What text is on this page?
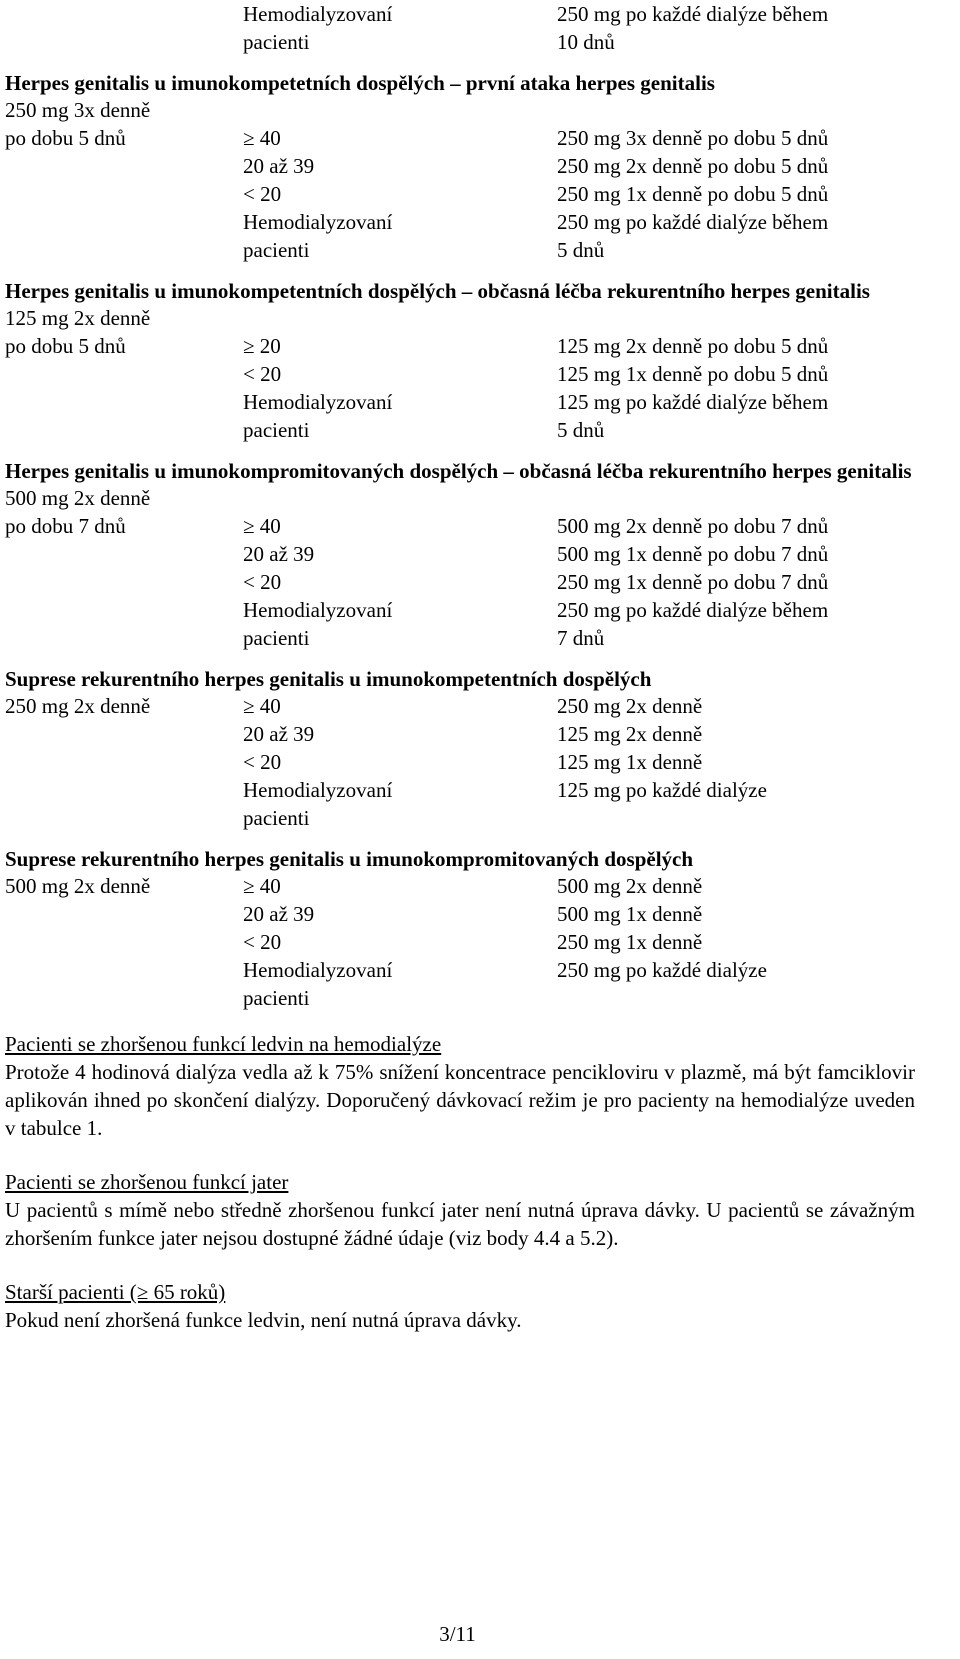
Hemodialyzovaní	250 mg po každé dialýze během
pacienti	10 dnů
Herpes genitalis u imunokompetetních dospělých – první ataka herpes genitalis
250 mg 3x denně
po dobu 5 dnů	≥ 40	250 mg 3x denně po dobu 5 dnů
20 až 39	250 mg 2x denně po dobu 5 dnů
< 20	250 mg 1x denně po dobu 5 dnů
Hemodialyzovaní	250 mg po každé dialýze během
pacienti	5 dnů
Herpes genitalis u imunokompetentních dospělých – občasná léčba rekurentního herpes genitalis
125 mg 2x denně
po dobu 5 dnů	≥ 20	125 mg 2x denně po dobu 5 dnů
< 20	125 mg 1x denně po dobu 5 dnů
Hemodialyzovaní	125 mg po každé dialýze během
pacienti	5 dnů
Herpes genitalis u imunokompromitovaných dospělých – občasná léčba rekurentního herpes genitalis
500 mg 2x denně
po dobu 7 dnů	≥ 40	500 mg 2x denně po dobu 7 dnů
20 až 39	500 mg 1x denně po dobu 7 dnů
< 20	250 mg 1x denně po dobu 7 dnů
Hemodialyzovaní	250 mg po každé dialýze během
pacienti	7 dnů
Suprese rekurentního herpes genitalis u imunokompetentních dospělých
250 mg 2x denně	≥ 40	250 mg 2x denně
20 až 39	125 mg 2x denně
< 20	125 mg 1x denně
Hemodialyzovaní	125 mg po každé dialýze
pacienti
Suprese rekurentního herpes genitalis u imunokompromitovaných dospělých
500 mg 2x denně	≥ 40	500 mg 2x denně
20 až 39	500 mg 1x denně
< 20	250 mg 1x denně
Hemodialyzovaní	250 mg po každé dialýze
pacienti
Pacienti se zhoršenou funkcí ledvin na hemodialýze
Protože 4 hodinová dialýza vedla až k 75% snížení koncentrace pencikloviru v plazmě, má být famciklovir aplikován ihned po skončení dialýzy. Doporučený dávkovací režim je pro pacienty na hemodialýze uveden v tabulce 1.
Pacienti se zhoršenou funkcí jater
U pacientů s mímě nebo středně zhoršenou funkcí jater není nutná úprava dávky. U pacientů se závažným zhoršením funkce jater nejsou dostupné žádné údaje (viz body 4.4 a 5.2).
Starší pacienti (≥ 65 roků)
Pokud není zhoršená funkce ledvin, není nutná úprava dávky.
3/11
